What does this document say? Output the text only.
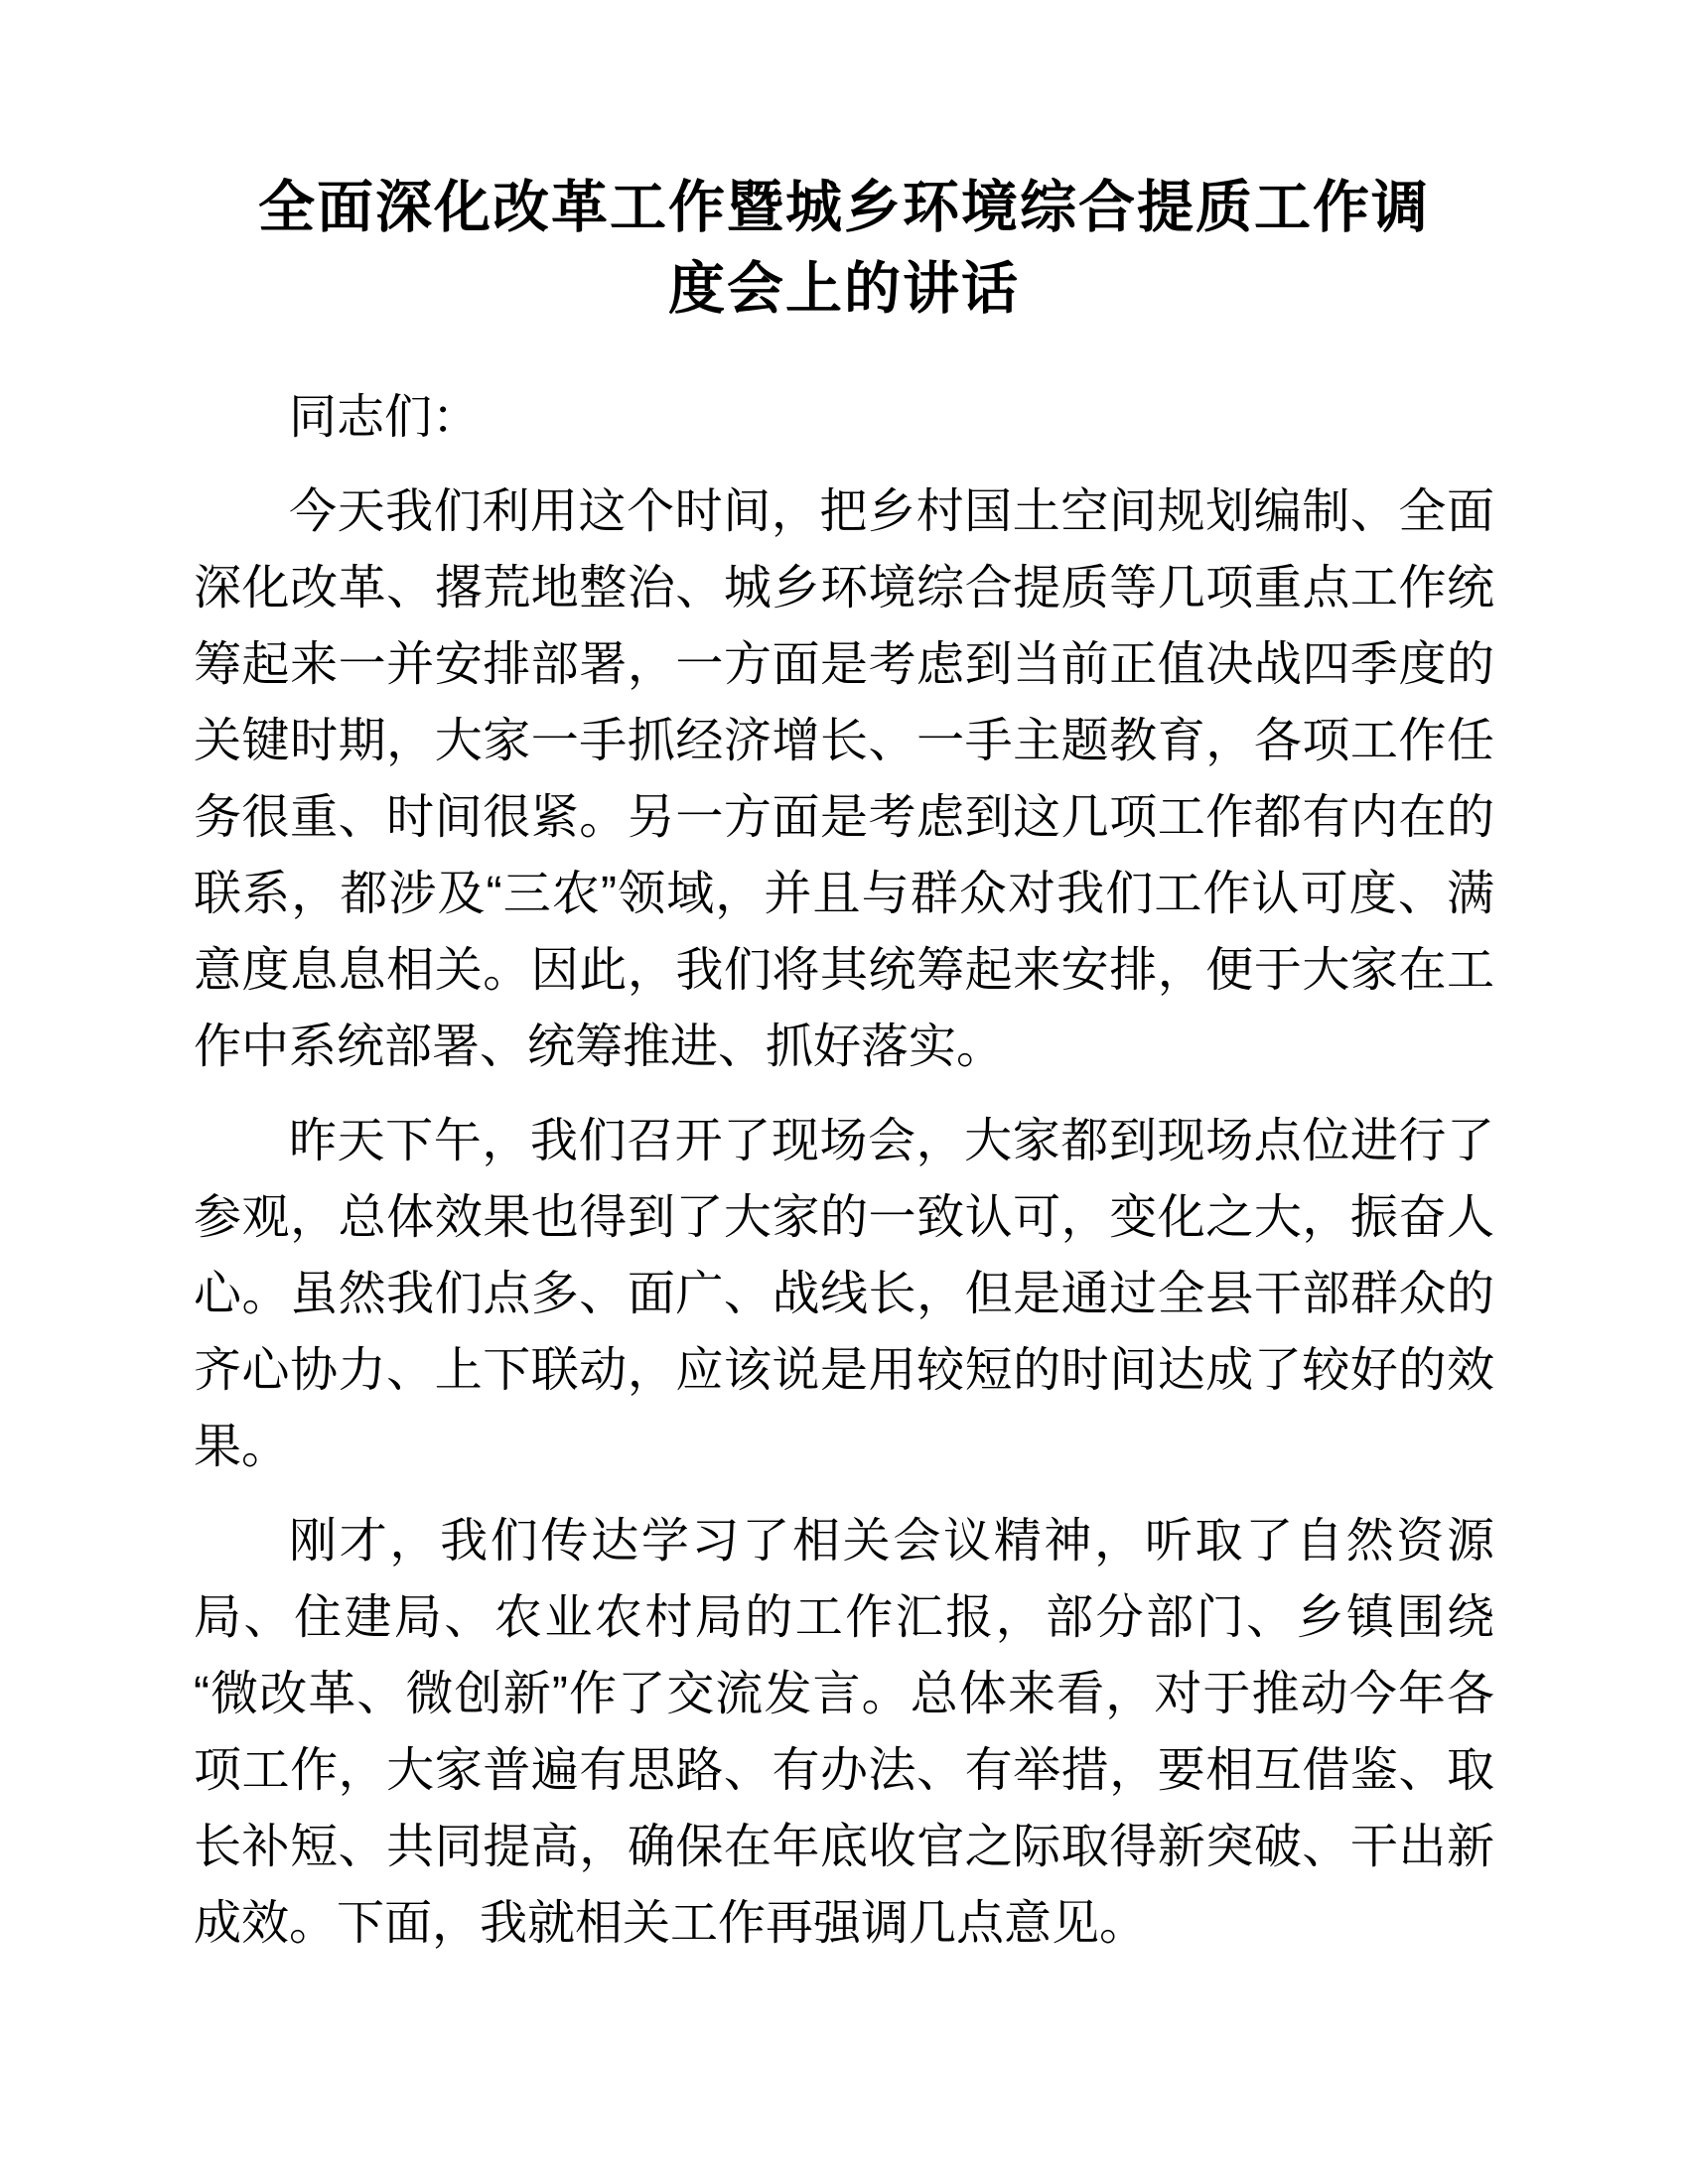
全面深化改革工作暨城乡环境综合提质工作调
度会上的讲话

同志们：

今天我们利用这个时间，把乡村国土空间规划编制、全面深化改革、撂荒地整治、城乡环境综合提质等几项重点工作统筹起来一并安排部署，一方面是考虑到当前正值决战四季度的关键时期，大家一手抓经济增长、一手主题教育，各项工作任务很重、时间很紧。另一方面是考虑到这几项工作都有内在的联系，都涉及“三农”领域，并且与群众对我们工作认可度、满意度息息相关。因此，我们将其统筹起来安排，便于大家在工作中系统部署、统筹推进、抓好落实。

昨天下午，我们召开了现场会，大家都到现场点位进行了参观，总体效果也得到了大家的一致认可，变化之大，振奋人心。虽然我们点多、面广、战线长，但是通过全县干部群众的齐心协力、上下联动，应该说是用较短的时间达成了较好的效果。

刚才，我们传达学习了相关会议精神，听取了自然资源局、住建局、农业农村局的工作汇报，部分部门、乡镇围绕“微改革、微创新”作了交流发言。总体来看，对于推动今年各项工作，大家普遍有思路、有办法、有举措，要相互借鉴、取长补短、共同提高，确保在年底收官之际取得新突破、干出新成效。下面，我就相关工作再强调几点意见。
